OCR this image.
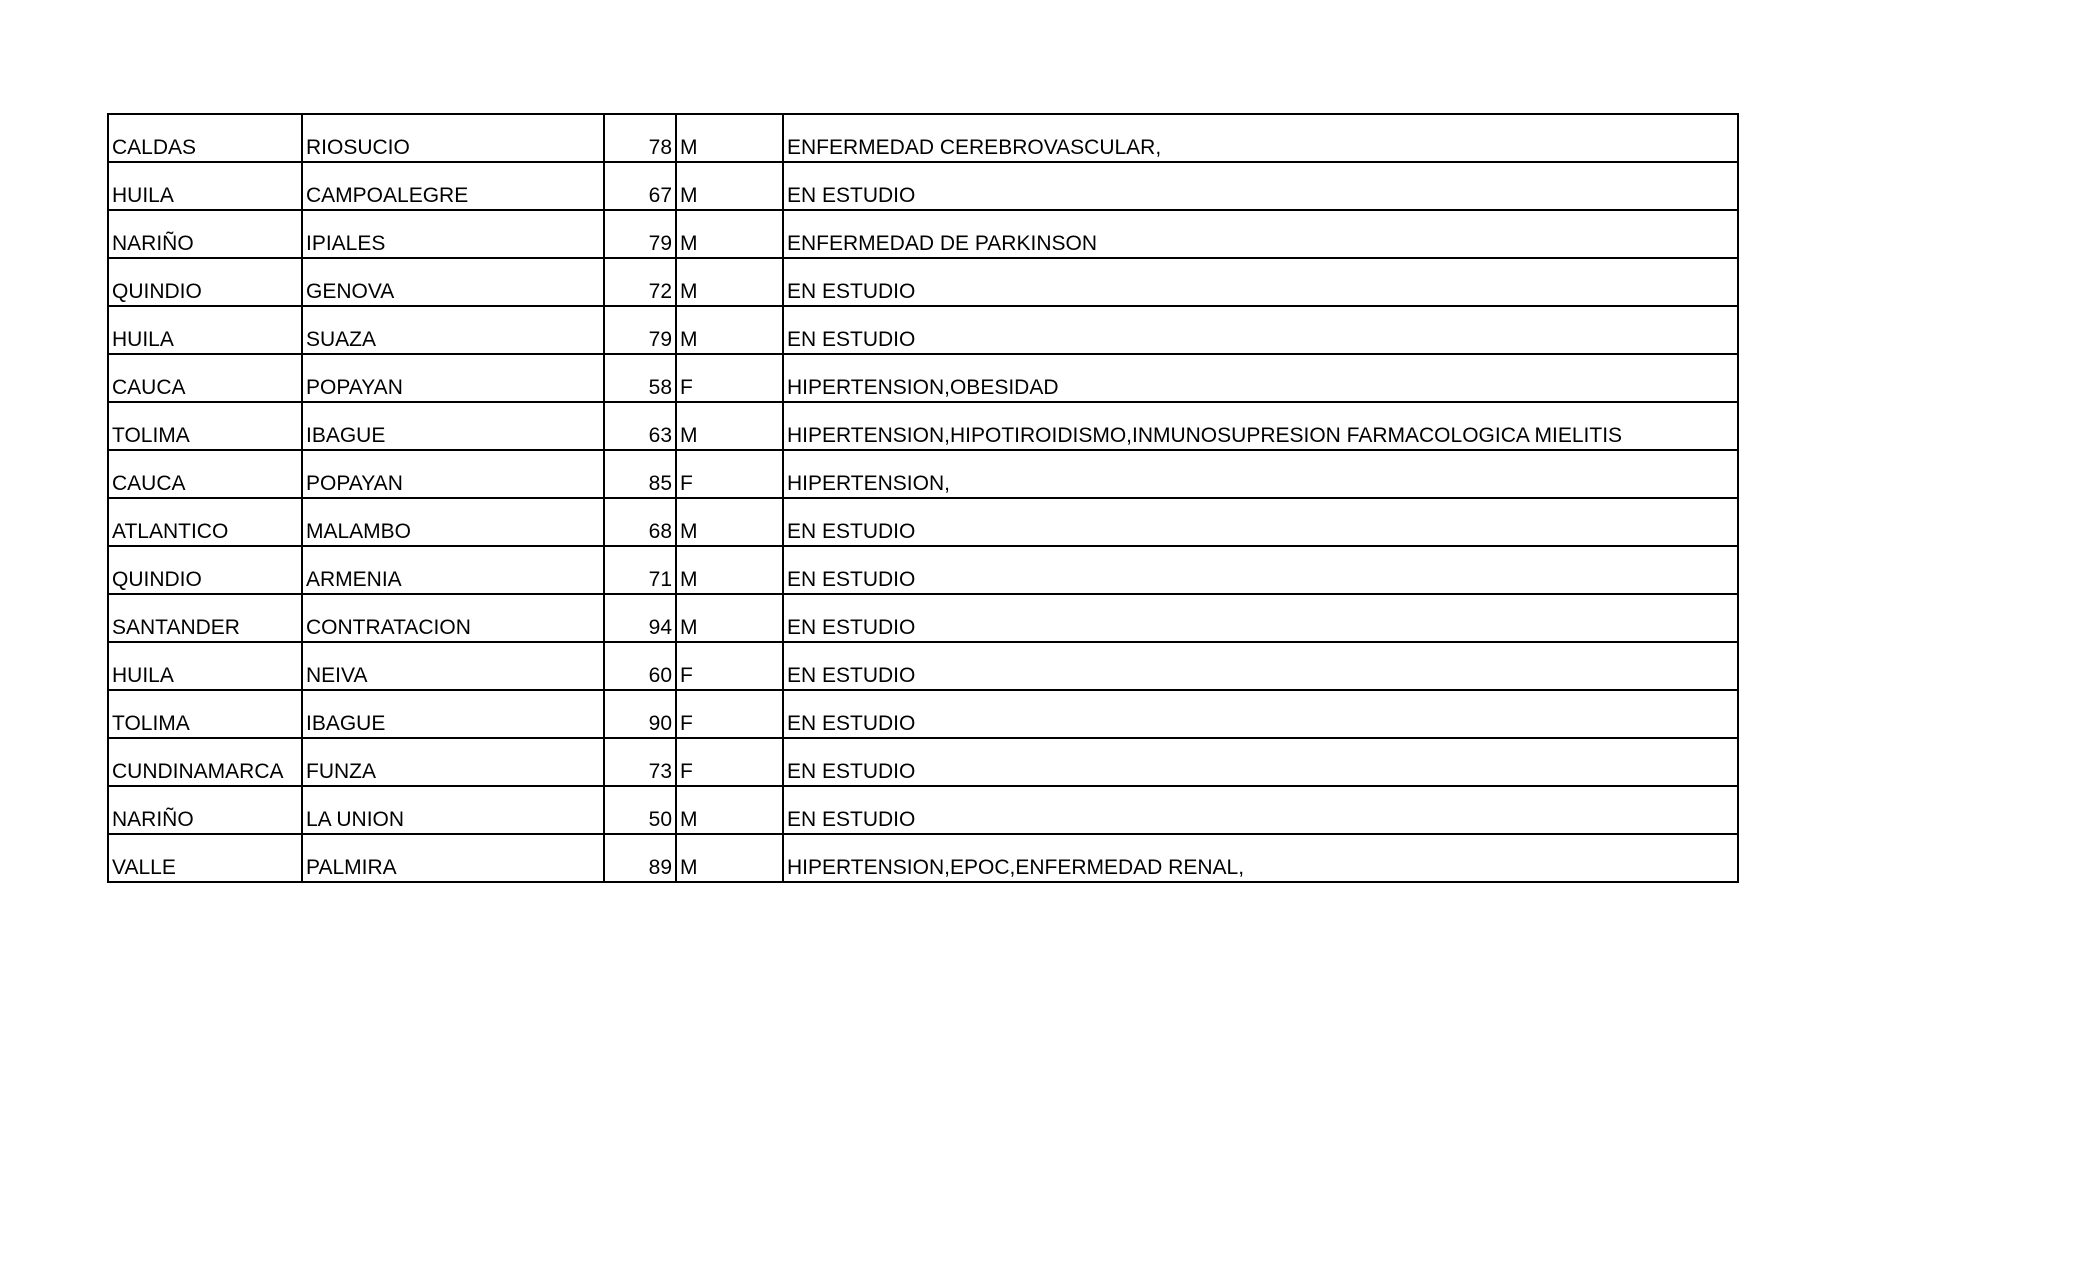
CALDAS	RIOSUCIO	78	M	ENFERMEDAD CEREBROVASCULAR,
HUILA	CAMPOALEGRE	67	M	EN ESTUDIO
NARIÑO	IPIALES	79	M	ENFERMEDAD DE PARKINSON
QUINDIO	GENOVA	72	M	EN ESTUDIO
HUILA	SUAZA	79	M	EN ESTUDIO
CAUCA	POPAYAN	58	F	HIPERTENSION,OBESIDAD
TOLIMA	IBAGUE	63	M	HIPERTENSION,HIPOTIROIDISMO,INMUNOSUPRESION FARMACOLOGICA MIELITIS
CAUCA	POPAYAN	85	F	HIPERTENSION,
ATLANTICO	MALAMBO	68	M	EN ESTUDIO
QUINDIO	ARMENIA	71	M	EN ESTUDIO
SANTANDER	CONTRATACION	94	M	EN ESTUDIO
HUILA	NEIVA	60	F	EN ESTUDIO
TOLIMA	IBAGUE	90	F	EN ESTUDIO
CUNDINAMARCA	FUNZA	73	F	EN ESTUDIO
NARIÑO	LA UNION	50	M	EN ESTUDIO
VALLE	PALMIRA	89	M	HIPERTENSION,EPOC,ENFERMEDAD RENAL,
